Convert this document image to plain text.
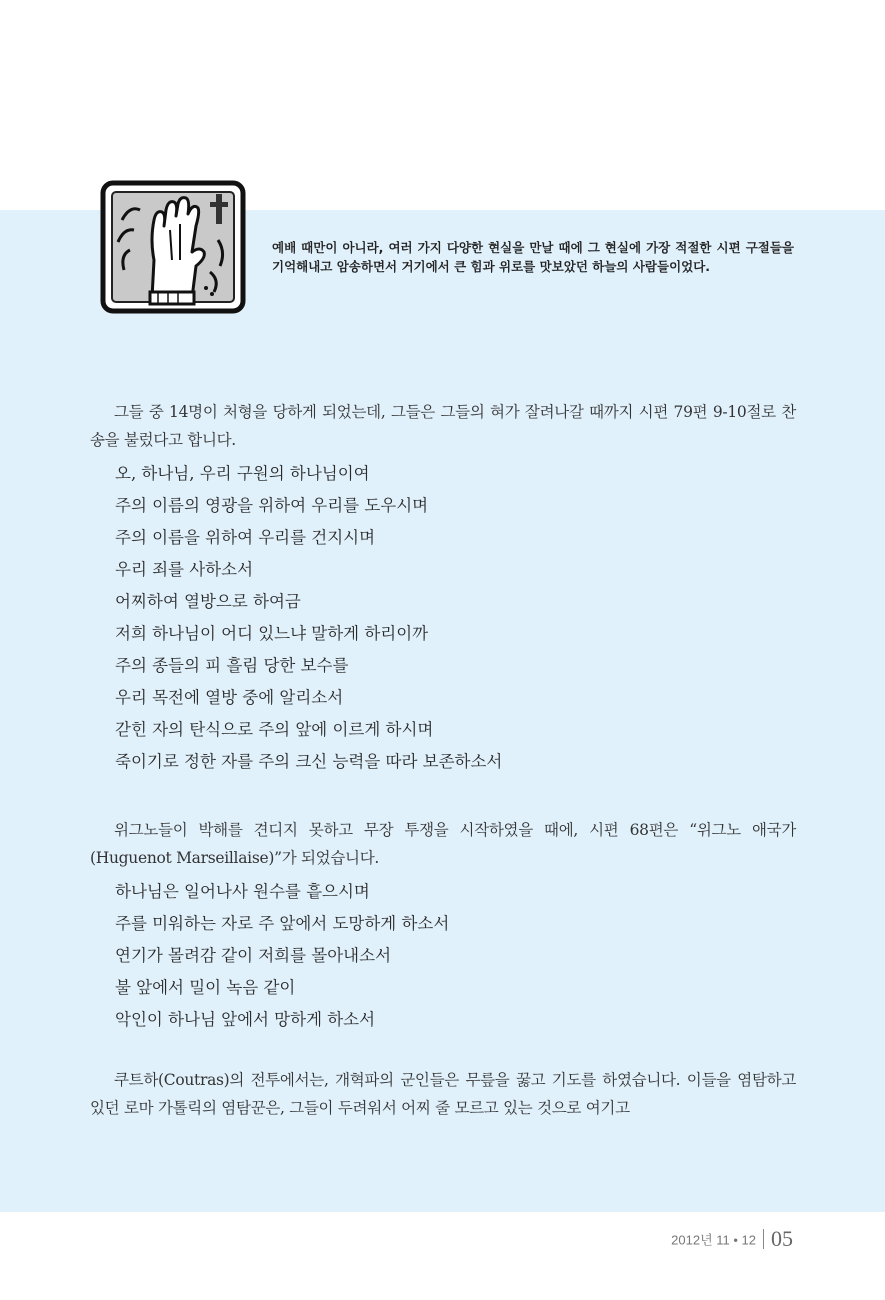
예배 때만이 아니라, 여러 가지 다양한 현실을 만날 때에 그 현실에 가장 적절한 시편 구절들을 기억해내고 암송하면서 거기에서 큰 힘과 위로를 맛보았던 하늘의 사람들이었다.
그들 중 14명이 처형을 당하게 되었는데, 그들은 그들의 혀가 잘려나갈 때까지 시편 79편 9-10절로 찬송을 불렀다고 합니다.
오, 하나님, 우리 구원의 하나님이여
주의 이름의 영광을 위하여 우리를 도우시며
주의 이름을 위하여 우리를 건지시며
우리 죄를 사하소서
어찌하여 열방으로 하여금
저희 하나님이 어디 있느냐 말하게 하리이까
주의 종들의 피 흘림 당한 보수를
우리 목전에 열방 중에 알리소서
갇힌 자의 탄식으로 주의 앞에 이르게 하시며
죽이기로 정한 자를 주의 크신 능력을 따라 보존하소서
위그노들이 박해를 견디지 못하고 무장 투쟁을 시작하였을 때에, 시편 68편은 “위그노 애국가(Huguenot Marseillaise)”가 되었습니다.
하나님은 일어나사 원수를 흩으시며
주를 미워하는 자로 주 앞에서 도망하게 하소서
연기가 몰려감 같이 저희를 몰아내소서
불 앞에서 밀이 녹음 같이
악인이 하나님 앞에서 망하게 하소서
쿠트하(Coutras)의 전투에서는, 개혁파의 군인들은 무릎을 꿇고 기도를 하였습니다. 이들을 염탐하고 있던 로마 가톨릭의 염탐꾼은, 그들이 두려워서 어찌 줄 모르고 있는 것으로 여기고
2012년 11 • 12 05
